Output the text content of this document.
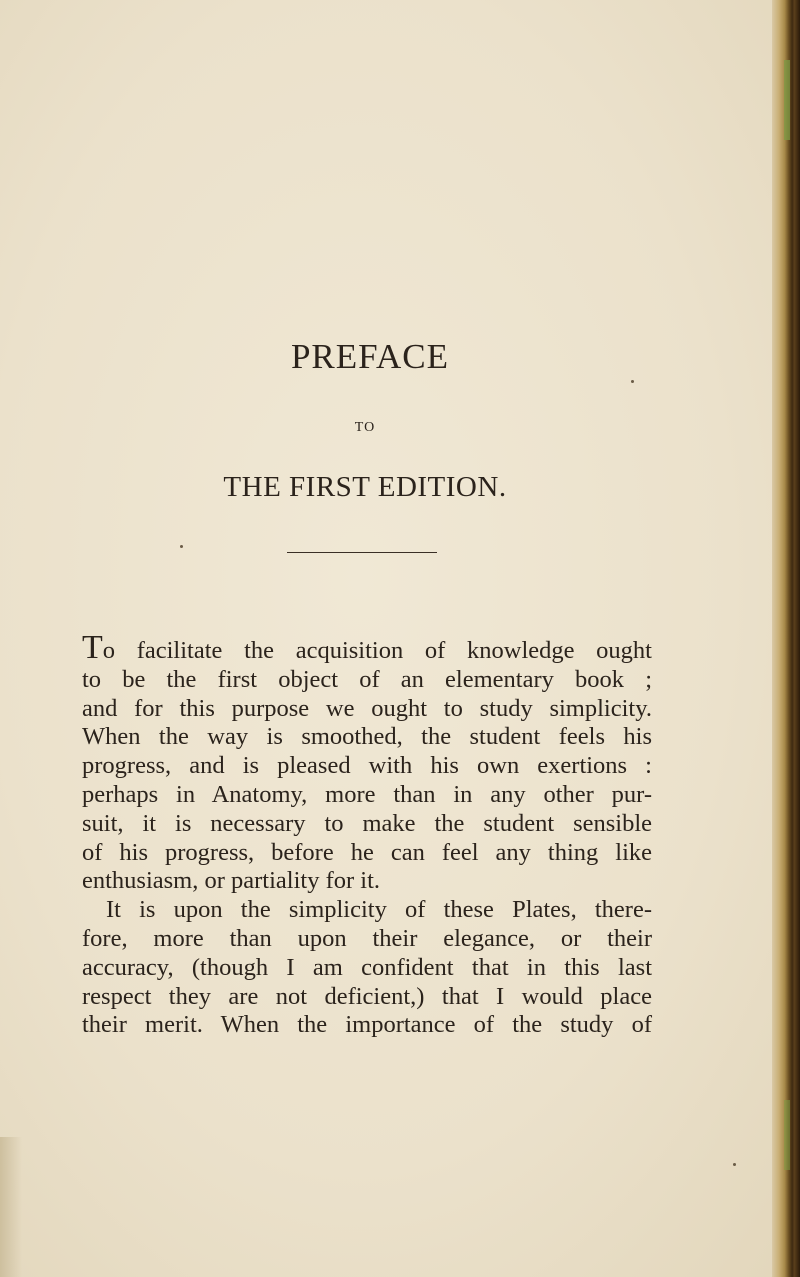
PREFACE
TO
THE FIRST EDITION.
To facilitate the acquisition of knowledge ought
to be the first object of an elementary book ;
and for this purpose we ought to study simplicity.
When the way is smoothed, the student feels his
progress, and is pleased with his own exertions :
perhaps in Anatomy, more than in any other pur-
suit, it is necessary to make the student sensible
of his progress, before he can feel any thing like
enthusiasm, or partiality for it.
It is upon the simplicity of these Plates, there-
fore, more than upon their elegance, or their
accuracy, (though I am confident that in this last
respect they are not deficient,) that I would place
their merit. When the importance of the study of
